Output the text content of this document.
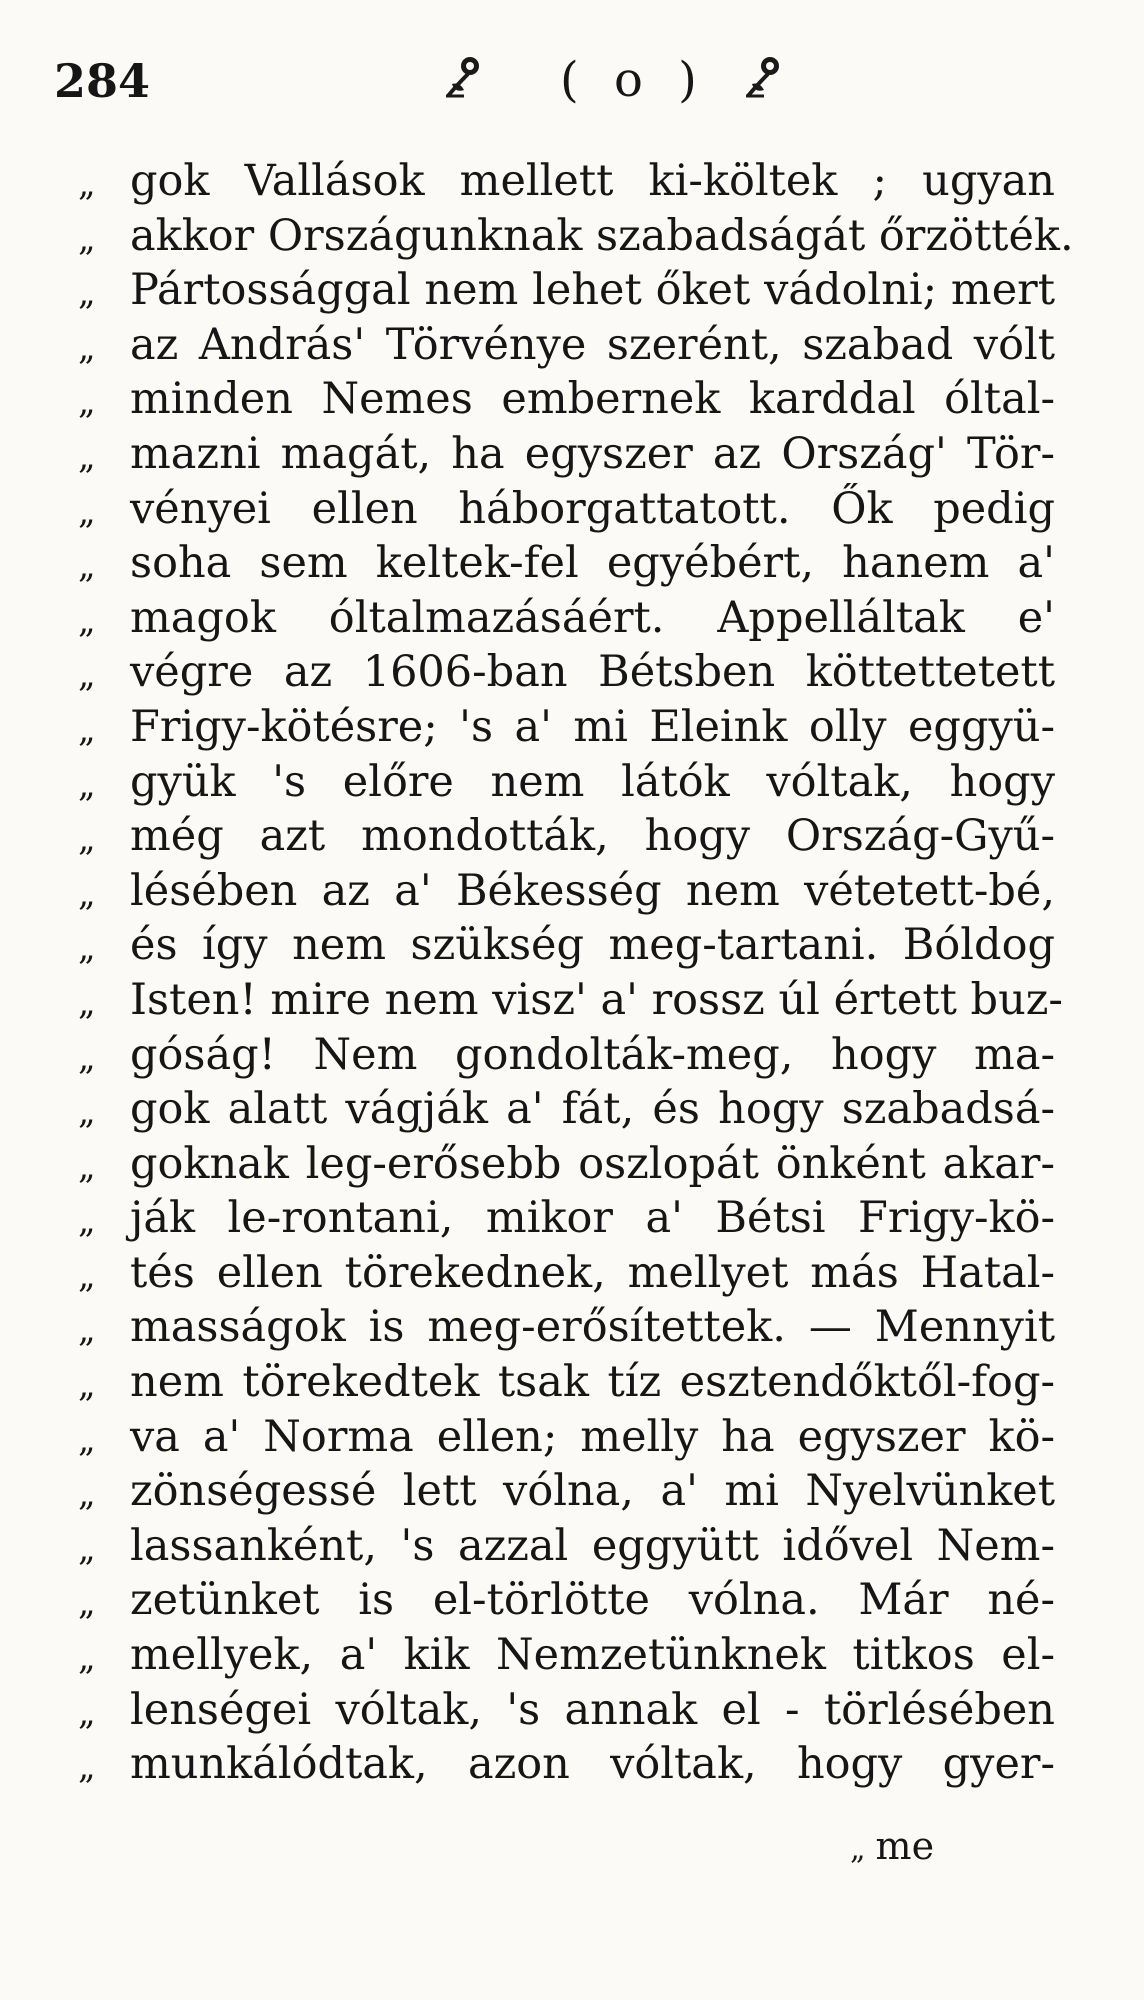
284	( o )
„ gok Vallások mellett ki-költek ; ugyan
„ akkor Országunknak szabadságát őrzötték.
„ Pártossággal nem lehet őket vádolni; mert
„ az András' Törvénye szerént, szabad vólt
„ minden Nemes embernek karddal óltal-
„ mazni magát, ha egyszer az Ország' Tör-
„ vényei ellen háborgattatott. Ők pedig
„ soha sem keltek-fel egyébért, hanem a'
„ magok óltalmazásáért. Appelláltak e'
„ végre az 1606-ban Bétsben köttettetett
„ Frigy-kötésre; 's a' mi Eleink olly eggyü-
„ gyük 's előre nem látók vóltak, hogy
„ még azt mondották, hogy Ország-Gyű-
„ lésében az a' Békesség nem vétetett-bé,
„ és így nem szükség meg-tartani. Bóldog
„ Isten! mire nem visz' a' rossz úl értett buz-
„ góság! Nem gondolták-meg, hogy ma-
„ gok alatt vágják a' fát, és hogy szabadsá-
„ goknak leg-erősebb oszlopát önként akar-
„ ják le-rontani, mikor a' Bétsi Frigy-kö-
„ tés ellen törekednek, mellyet más Hatal-
„ masságok is meg-erősítettek. — Mennyit
„ nem törekedtek tsak tíz esztendőktől-fog-
„ va a' Norma ellen; melly ha egyszer kö-
„ zönségessé lett vólna, a' mi Nyelvünket
„ lassanként, 's azzal eggyütt idővel Nem-
„ zetünket is el-törlötte vólna. Már né-
„ mellyek, a' kik Nemzetünknek titkos el-
„ lenségei vóltak, 's annak el - törlésében
„ munkálódtak, azon vóltak, hogy gyer-
„ me
